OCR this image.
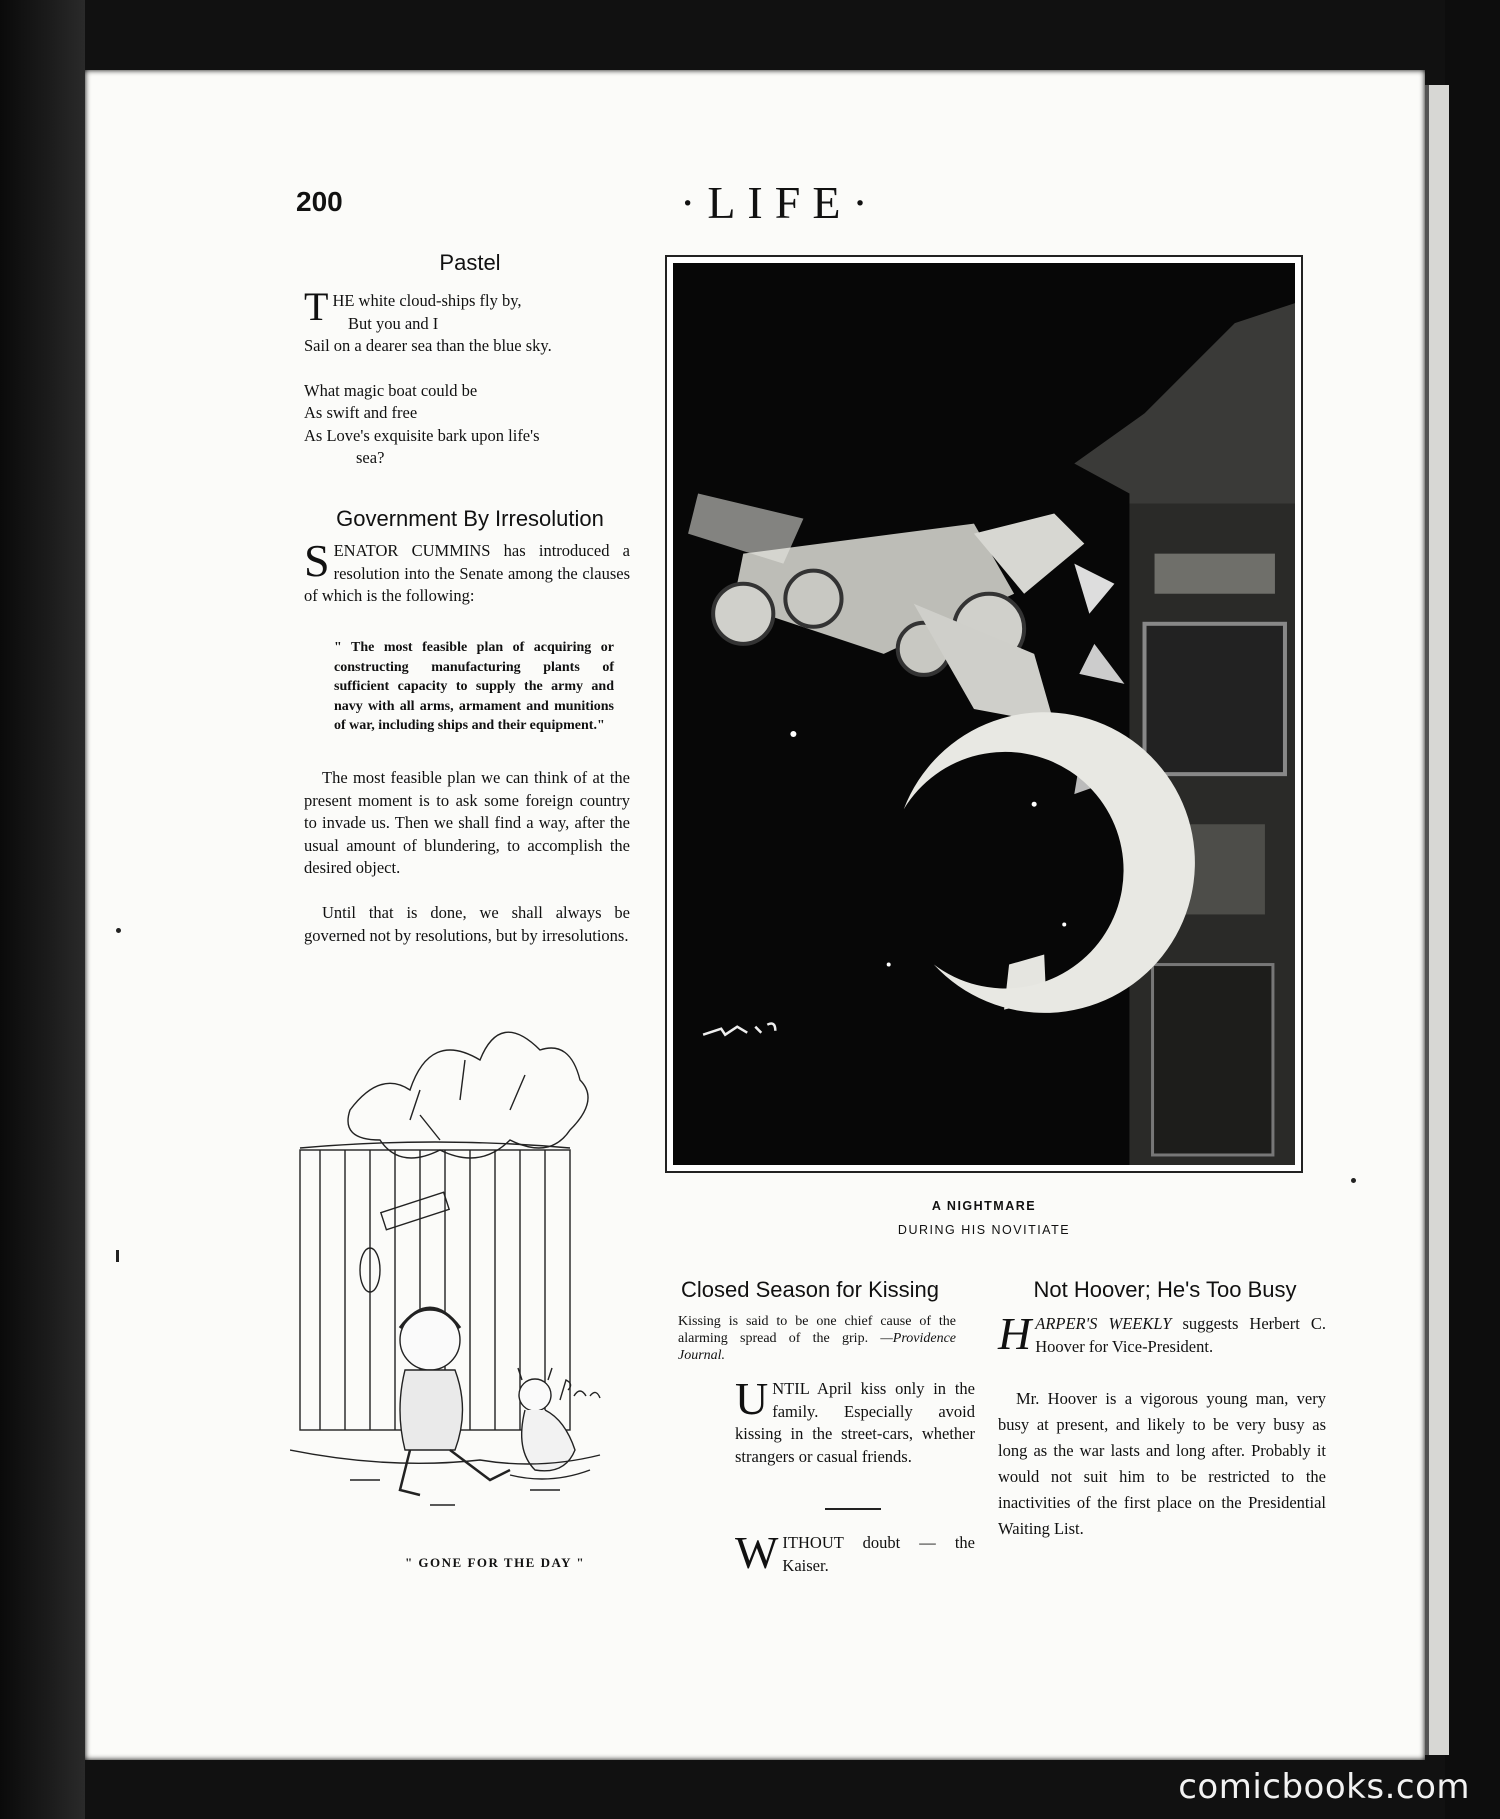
200	·LIFE·
Pastel

THE white cloud-ships fly by,

But you and I

Sail on a dearer sea than the blue sky.

What magic boat could be

As swift and free

As Love's exquisite bark upon life's

sea?

Government By Irresolution
SENATOR CUMMINS has introduced a resolution into the Senate among the clauses of which is the following:
" The most feasible plan of acquiring or constructing manufacturing plants of sufficient capacity to supply the army and navy with all arms, armament and munitions of war, including ships and their equipment."
The most feasible plan we can think of at the present moment is to ask some foreign country to invade us. Then we shall find a way, after the usual amount of blundering, to accomplish the desired object.
Until that is done, we shall always be governed not by resolutions, but by irresolutions.
A NIGHTMARE
DURING HIS NOVITIATE
" GONE FOR THE DAY "
Closed Season for Kissing
Kissing is said to be one chief cause of the alarming spread of the grip. —Providence Journal.
UNTIL April kiss only in the family. Especially avoid kissing in the street-cars, whether strangers or casual friends.
WITHOUT doubt — the Kaiser.
Not Hoover; He's Too Busy
HARPER'S WEEKLY suggests Herbert C. Hoover for Vice-President.
Mr. Hoover is a vigorous young man, very busy at present, and likely to be very busy as long as the war lasts and long after. Probably it would not suit him to be restricted to the inactivities of the first place on the Presidential Waiting List.
comicbooks.com
